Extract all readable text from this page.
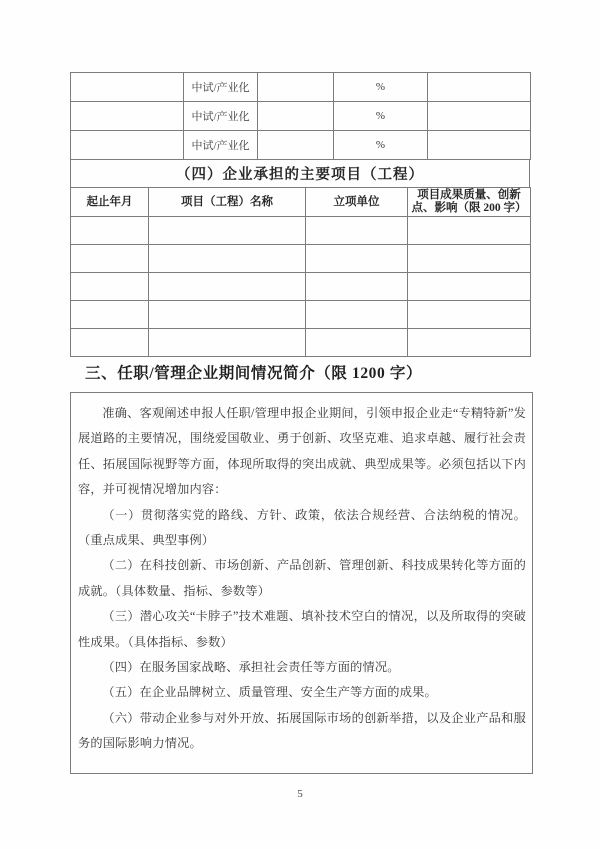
	中试/产业化		%	
	中试/产业化		%	
	中试/产业化		%	
（四）企业承担的主要项目（工程）
起止年月	项目（工程）名称	立项单位	项目成果质量、创新点、影响（限 200 字）

三、任职/管理企业期间情况简介（限 1200 字）

准确、客观阐述申报人任职/管理申报企业期间，引领申报企业走“专精特新”发展道路的主要情况，围绕爱国敬业、勇于创新、攻坚克难、追求卓越、履行社会责任、拓展国际视野等方面，体现所取得的突出成就、典型成果等。必须包括以下内容，并可视情况增加内容：

（一）贯彻落实党的路线、方针、政策，依法合规经营、合法纳税的情况。（重点成果、典型事例）

（二）在科技创新、市场创新、产品创新、管理创新、科技成果转化等方面的成就。（具体数量、指标、参数等）

（三）潜心攻关“卡脖子”技术难题、填补技术空白的情况，以及所取得的突破性成果。（具体指标、参数）

（四）在服务国家战略、承担社会责任等方面的情况。

（五）在企业品牌树立、质量管理、安全生产等方面的成果。

（六）带动企业参与对外开放、拓展国际市场的创新举措，以及企业产品和服务的国际影响力情况。

5
